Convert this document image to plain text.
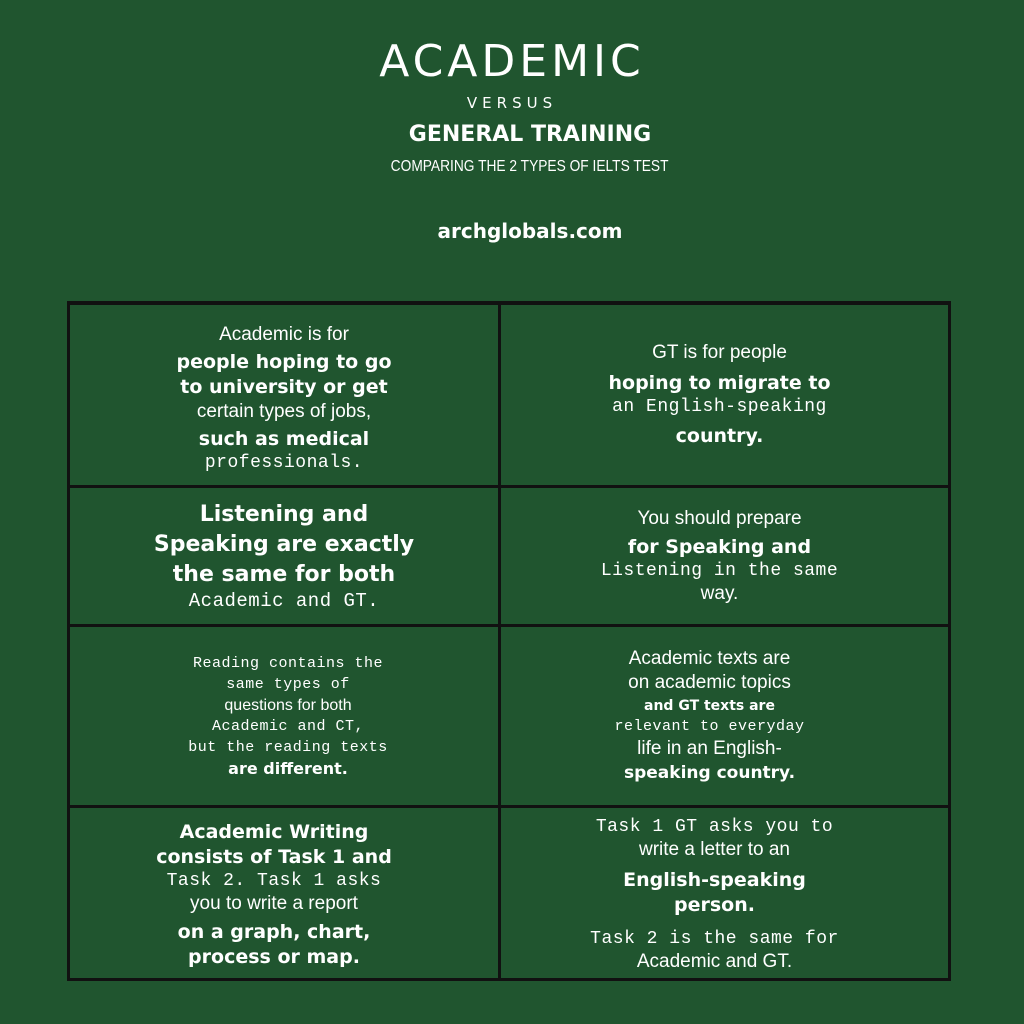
ACADEMIC
VERSUS
GENERAL TRAINING
COMPARING THE 2 TYPES OF IELTS TEST
archglobals.com
Academic is for
people hoping to go
to university or get
certain types of jobs,
such as medical
professionals.
GT is for people
hoping to migrate to
an English-speaking
country.
Listening and
Speaking are exactly
the same for both
Academic and GT.
You should prepare
for Speaking and
Listening in the same
way.
Reading contains the
same types of
questions for both
Academic and CT,
but the reading texts
are different.
Academic texts are
on academic topics
and GT texts are
relevant to everyday
life in an English-
speaking country.
Academic Writing
consists of Task 1 and
Task 2. Task 1 asks
you to write a report
on a graph, chart,
process or map.
Task 1 GT asks you to
write a letter to an
English-speaking
person.
Task 2 is the same for
Academic and GT.
